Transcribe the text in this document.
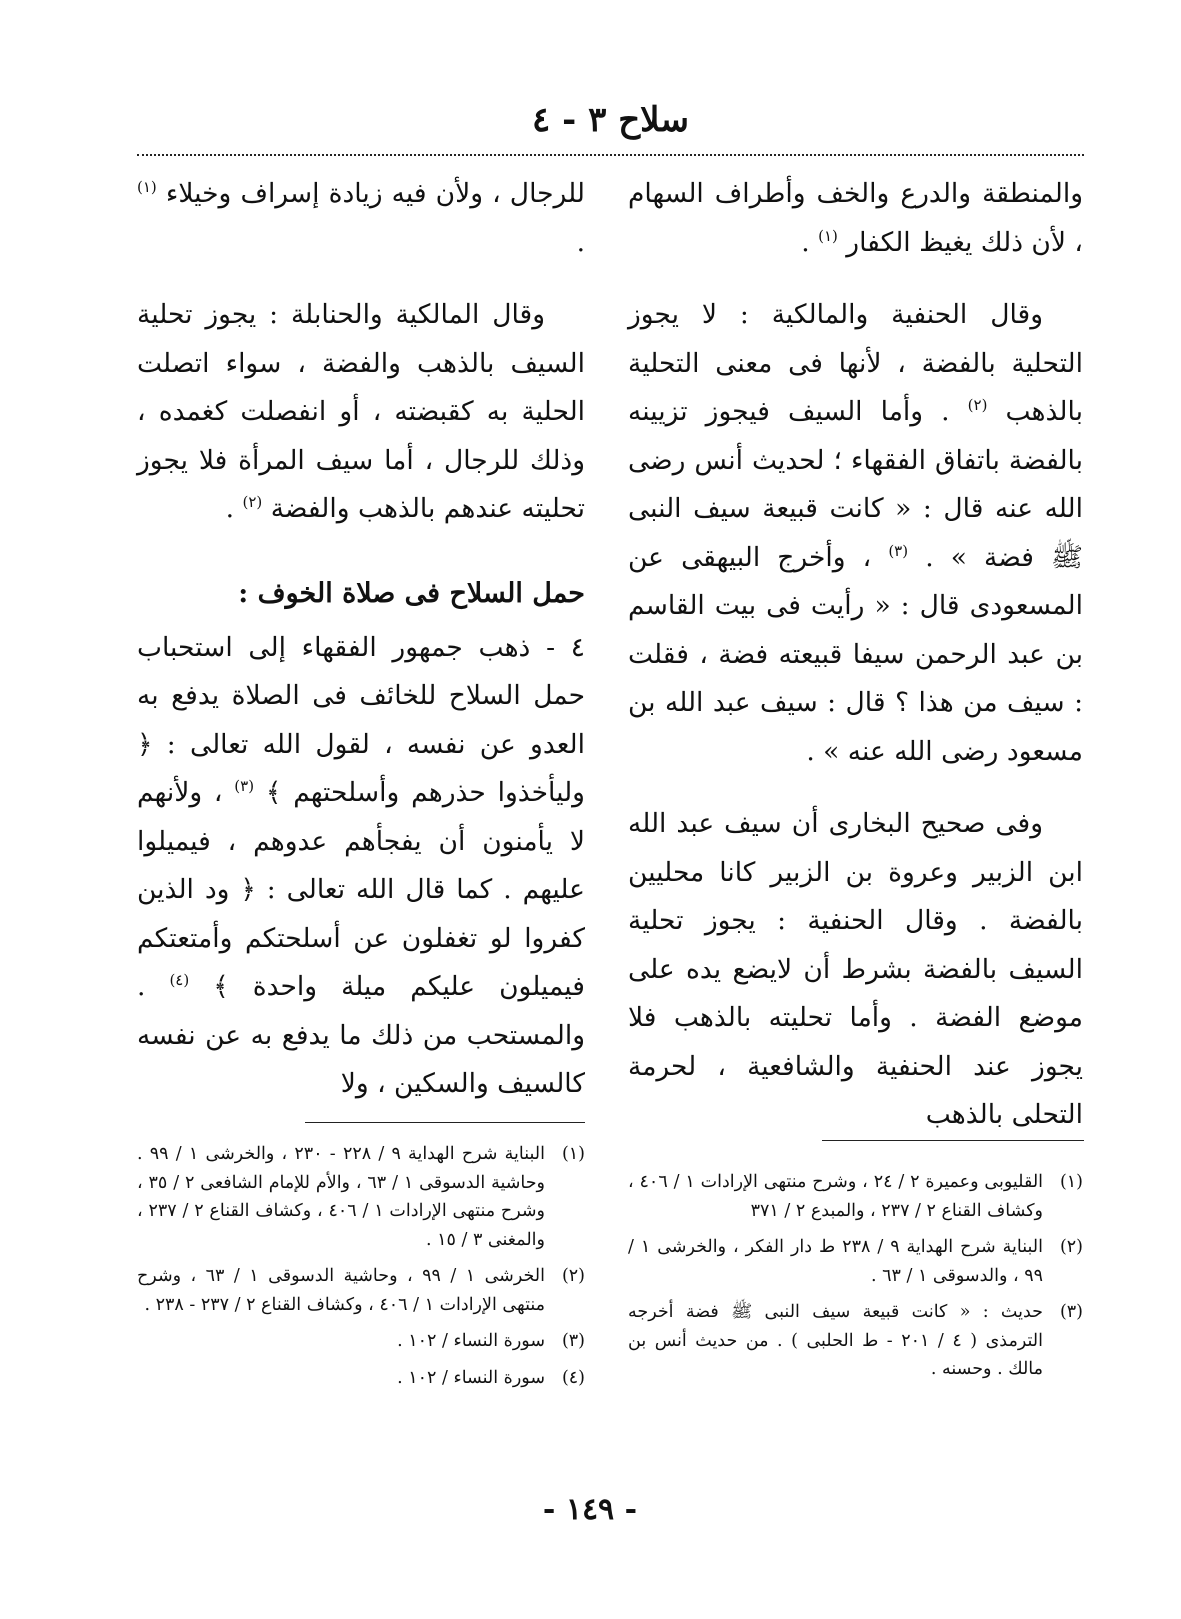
سلاح ٣ - ٤

والمنطقة والدرع والخف وأطراف السهام ، لأن ذلك يغيظ الكفار $^{(١)}$ .

وقال الحنفية والمالكية : لا يجوز التحلية بالفضة ، لأنها فى معنى التحلية بالذهب $^{(٢)}$ . وأما السيف فيجوز تزيينه بالفضة باتفاق الفقهاء ؛ لحديث أنس رضى الله عنه قال : « كانت قبيعة سيف النبى ﷺ فضة » . $^{(٣)}$ ، وأخرج البيهقى عن المسعودى قال : « رأيت فى بيت القاسم بن عبد الرحمن سيفا قبيعته فضة ، فقلت : سيف من هذا ؟ قال : سيف عبد الله بن مسعود رضى الله عنه » .

وفى صحيح البخارى أن سيف عبد الله ابن الزبير وعروة بن الزبير كانا محليين بالفضة . وقال الحنفية : يجوز تحلية السيف بالفضة بشرط أن لايضع يده على موضع الفضة . وأما تحليته بالذهب فلا يجوز عند الحنفية والشافعية ، لحرمة التحلى بالذهب

للرجال ، ولأن فيه زيادة إسراف وخيلاء $^{(١)}$ .

وقال المالكية والحنابلة : يجوز تحلية السيف بالذهب والفضة ، سواء اتصلت الحلية به كقبضته ، أو انفصلت كغمده ، وذلك للرجال ، أما سيف المرأة فلا يجوز تحليته عندهم بالذهب والفضة $^{(٢)}$ .

حمل السلاح فى صلاة الخوف :

٤ - ذهب جمهور الفقهاء إلى استحباب حمل السلاح للخائف فى الصلاة يدفع به العدو عن نفسه ، لقول الله تعالى : ﴿ وليأخذوا حذرهم وأسلحتهم ﴾ $^{(٣)}$ ، ولأنهم لا يأمنون أن يفجأهم عدوهم ، فيميلوا عليهم . كما قال الله تعالى : ﴿ ود الذين كفروا لو تغفلون عن أسلحتكم وأمتعتكم فيميلون عليكم ميلة واحدة ﴾ $^{(٤)}$ . والمستحب من ذلك ما يدفع به عن نفسه كالسيف والسكين ، ولا

(١)
القليوبى وعميرة ٢ / ٢٤ ، وشرح منتهى الإرادات ١ / ٤٠٦ ، وكشاف القناع ٢ / ٢٣٧ ، والمبدع ٢ / ٣٧١
(٢)
البناية شرح الهداية ٩ / ٢٣٨ ط دار الفكر ، والخرشى ١ / ٩٩ ، والدسوقى ١ / ٦٣ .
(٣)
حديث : « كانت قبيعة سيف النبى ﷺ فضة أخرجه الترمذى ( ٤ / ٢٠١ - ط الحلبى ) . من حديث أنس بن مالك . وحسنه .
(١)
البناية شرح الهداية ٩ / ٢٢٨ - ٢٣٠ ، والخرشى ١ / ٩٩ . وحاشية الدسوقى ١ / ٦٣ ، والأم للإمام الشافعى ٢ / ٣٥ ، وشرح منتهى الإرادات ١ / ٤٠٦ ، وكشاف القناع ٢ / ٢٣٧ ، والمغنى ٣ / ١٥ .
(٢)
الخرشى ١ / ٩٩ ، وحاشية الدسوقى ١ / ٦٣ ، وشرح منتهى الإرادات ١ / ٤٠٦ ، وكشاف القناع ٢ / ٢٣٧ - ٢٣٨ .
(٣)
سورة النساء / ١٠٢ .
(٤)
سورة النساء / ١٠٢ .
- ١٤٩ -
